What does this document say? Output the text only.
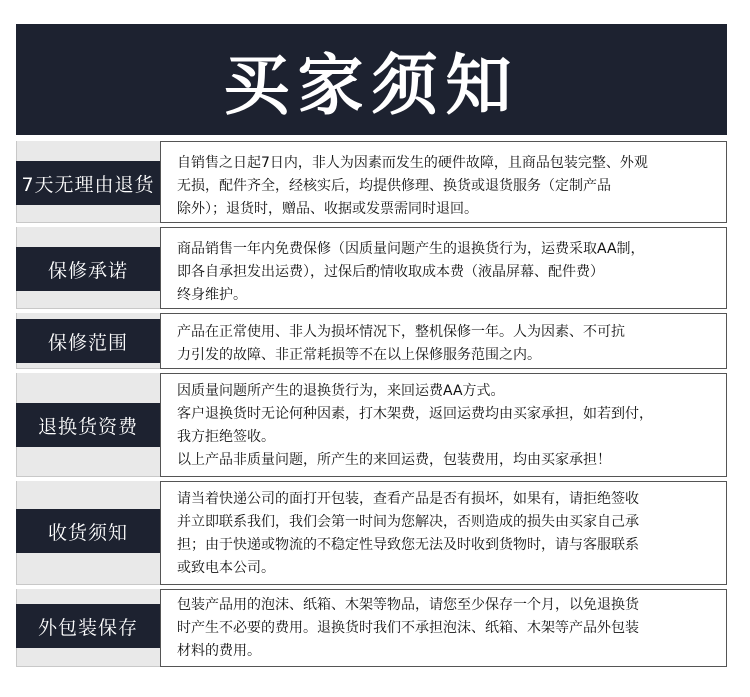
买家须知
7天无理由退货
自销售之日起7日内，非人为因素而发生的硬件故障，且商品包装完整、外观
无损，配件齐全，经核实后，均提供修理、换货或退货服务（定制产品
除外）；退货时，赠品、收据或发票需同时退回。
保修承诺
商品销售一年内免费保修（因质量问题产生的退换货行为，运费采取AA制，
即各自承担发出运费），过保后酌情收取成本费（液晶屏幕、配件费）
终身维护。
保修范围	产品在正常使用、非人为损坏情况下，整机保修一年。人为因素、不可抗
力引发的故障、非正常耗损等不在以上保修服务范围之内。
退换货资费
因质量问题所产生的退换货行为，来回运费AA方式。
客户退换货时无论何种因素，打木架费，返回运费均由买家承担，如若到付，
我方拒绝签收。
以上产品非质量问题，所产生的来回运费，包装费用，均由买家承担！
收货须知
请当着快递公司的面打开包装，查看产品是否有损坏，如果有，请拒绝签收
并立即联系我们，我们会第一时间为您解决，否则造成的损失由买家自己承
担；由于快递或物流的不稳定性导致您无法及时收到货物时，请与客服联系
或致电本公司。
外包装保存
包装产品用的泡沫、纸箱、木架等物品，请您至少保存一个月，以免退换货
时产生不必要的费用。退换货时我们不承担泡沫、纸箱、木架等产品外包装
材料的费用。
